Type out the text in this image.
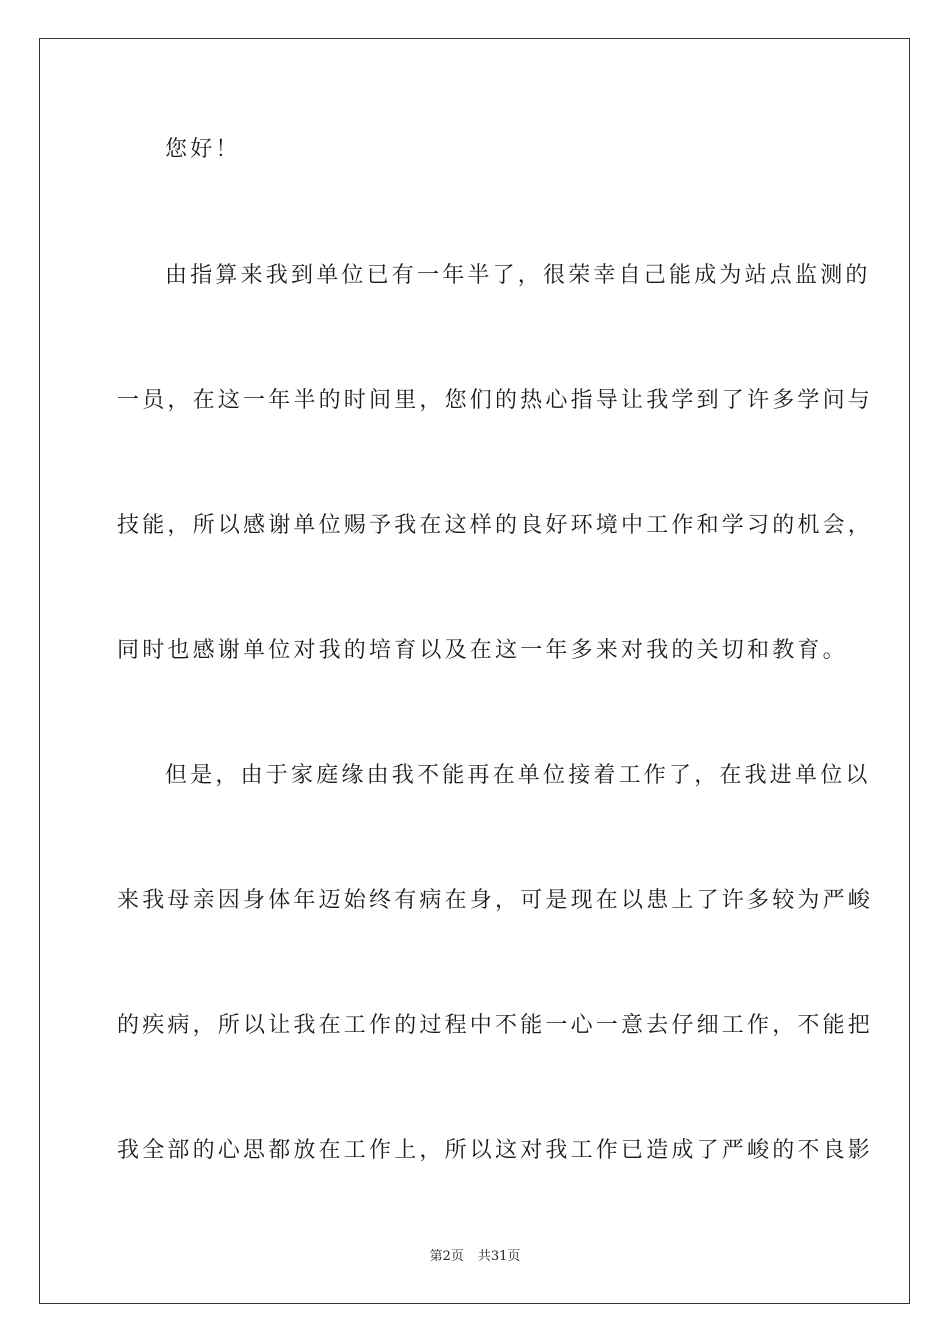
您好！
由指算来我到单位已有一年半了，很荣幸自己能成为站点监测的
一员，在这一年半的时间里，您们的热心指导让我学到了许多学问与
技能，所以感谢单位赐予我在这样的良好环境中工作和学习的机会，
同时也感谢单位对我的培育以及在这一年多来对我的关切和教育。
但是，由于家庭缘由我不能再在单位接着工作了，在我进单位以
来我母亲因身体年迈始终有病在身，可是现在以患上了许多较为严峻
的疾病，所以让我在工作的过程中不能一心一意去仔细工作，不能把
我全部的心思都放在工作上，所以这对我工作已造成了严峻的不良影
第2页 共31页
